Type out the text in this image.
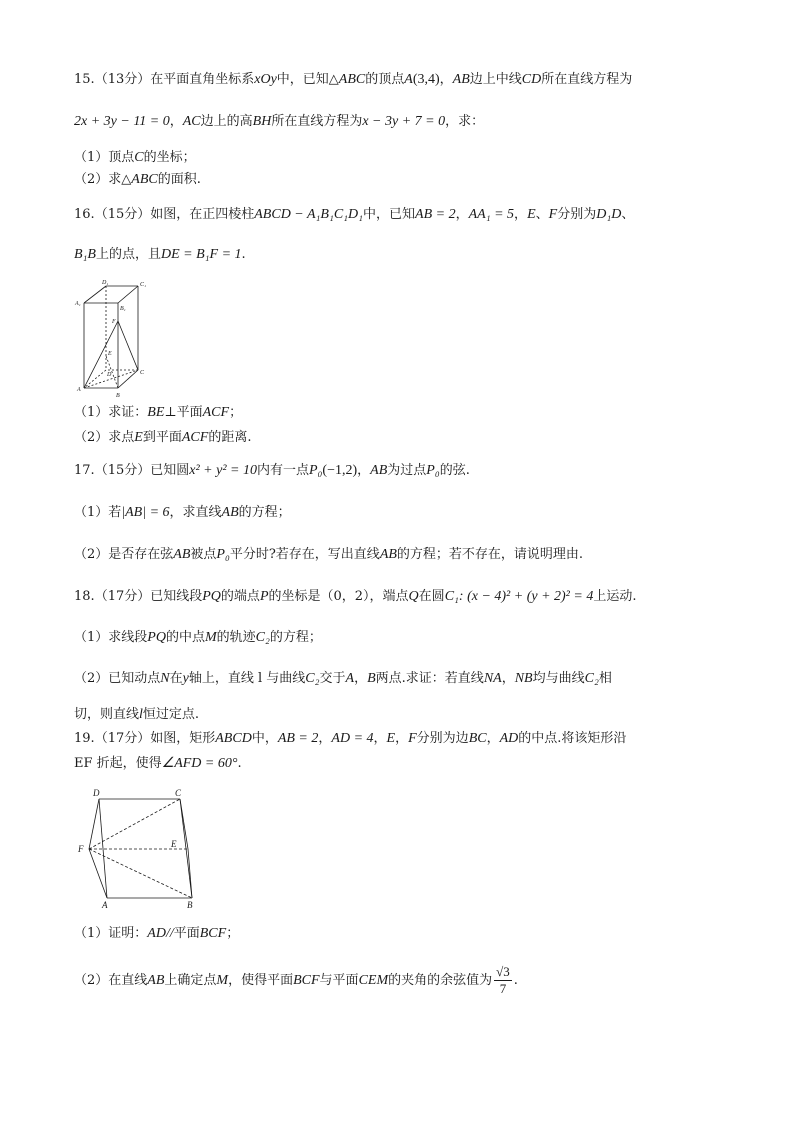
15.（13分）在平面直角坐标系xOy中，已知△ABC的顶点A(3,4)，AB边上中线CD所在直线方程为
2x + 3y − 11 = 0，AC边上的高BH所在直线方程为x − 3y + 7 = 0，求：
（1）顶点C的坐标；
（2）求△ABC的面积.
16.（15分）如图，在正四棱柱ABCD − A₁B₁C₁D₁中，已知AB = 2，AA₁ = 5，E、F分别为D₁D、
B₁B上的点，且DE = B₁F = 1.
D₁	C₁
A₁
B₁
F
E
D	C
A
B
（1）求证：BE⊥平面ACF；
（2）求点E到平面ACF的距离.
17.（15分）已知圆x² + y² = 10内有一点P₀(−1,2)，AB为过点P₀的弦.
（1）若|AB| = 6，求直线AB的方程；
（2）是否存在弦AB被点P₀平分时?若存在，写出直线AB的方程；若不存在，请说明理由.
18.（17分）已知线段PQ的端点P的坐标是（0，2），端点Q在圆C₁: (x − 4)² + (y + 2)² = 4上运动.
（1）求线段PQ的中点M的轨迹C₂的方程；
（2）已知动点N在y轴上，直线 l 与曲线C₂交于A，B两点.求证：若直线NA，NB均与曲线C₂相
切，则直线l恒过定点.
19.（17分）如图，矩形ABCD中，AB = 2，AD = 4，E，F分别为边BC，AD的中点.将该矩形沿
EF 折起，使得∠AFD = 60°.
D	C
F	E
A	B
（1）证明：AD//平面BCF；
（2）在直线AB上确定点M，使得平面BCF与平面CEM的夹角的余弦值为 $\frac{√3}{7}$ .
